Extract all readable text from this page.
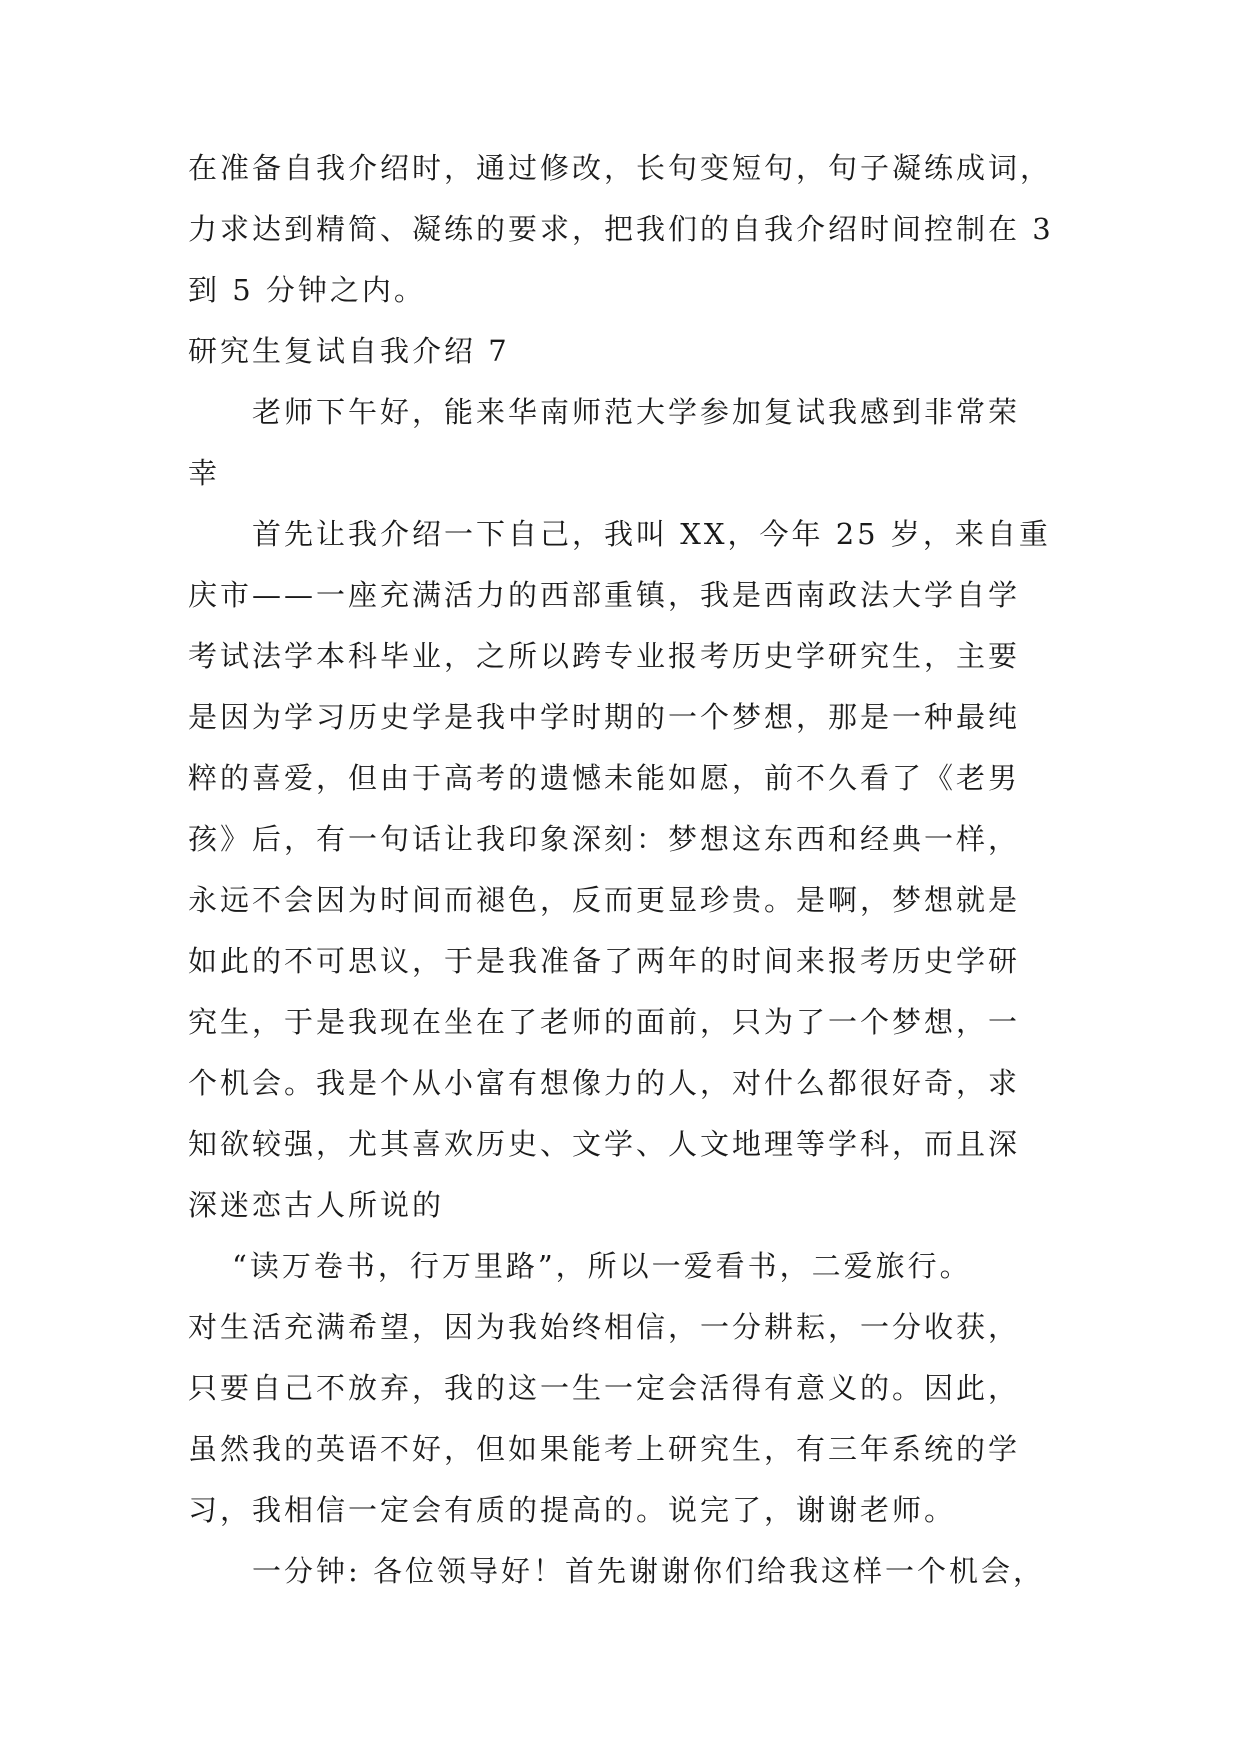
在准备自我介绍时，通过修改，长句变短句，句子凝练成词，
力求达到精简、凝练的要求，把我们的自我介绍时间控制在 3
到 5 分钟之内。
研究生复试自我介绍 7
老师下午好，能来华南师范大学参加复试我感到非常荣
幸
首先让我介绍一下自己，我叫 XX，今年 25 岁，来自重
庆市——一座充满活力的西部重镇，我是西南政法大学自学
考试法学本科毕业，之所以跨专业报考历史学研究生，主要
是因为学习历史学是我中学时期的一个梦想，那是一种最纯
粹的喜爱，但由于高考的遗憾未能如愿，前不久看了《老男
孩》后，有一句话让我印象深刻：梦想这东西和经典一样，
永远不会因为时间而褪色，反而更显珍贵。是啊，梦想就是
如此的不可思议，于是我准备了两年的时间来报考历史学研
究生，于是我现在坐在了老师的面前，只为了一个梦想，一
个机会。我是个从小富有想像力的人，对什么都很好奇，求
知欲较强，尤其喜欢历史、文学、人文地理等学科，而且深
深迷恋古人所说的
“读万卷书，行万里路”，所以一爱看书，二爱旅行。
对生活充满希望，因为我始终相信，一分耕耘，一分收获，
只要自己不放弃，我的这一生一定会活得有意义的。因此，
虽然我的英语不好，但如果能考上研究生，有三年系统的学
习，我相信一定会有质的提高的。说完了，谢谢老师。
一分钟: 各位领导好！首先谢谢你们给我这样一个机会，
